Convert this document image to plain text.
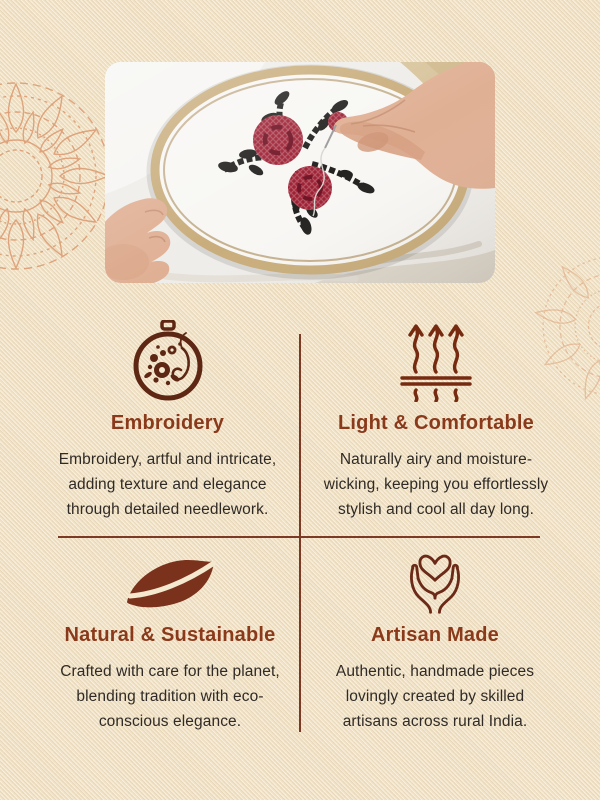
Embroidery

Embroidery, artful and intricate, adding texture and elegance through detailed needlework.

Light & Comfortable

Naturally airy and moisture-wicking, keeping you effortlessly stylish and cool all day long.

Natural & Sustainable

Crafted with care for the planet, blending tradition with eco-conscious elegance.

Artisan Made

Authentic, handmade pieces lovingly created by skilled artisans across rural India.
